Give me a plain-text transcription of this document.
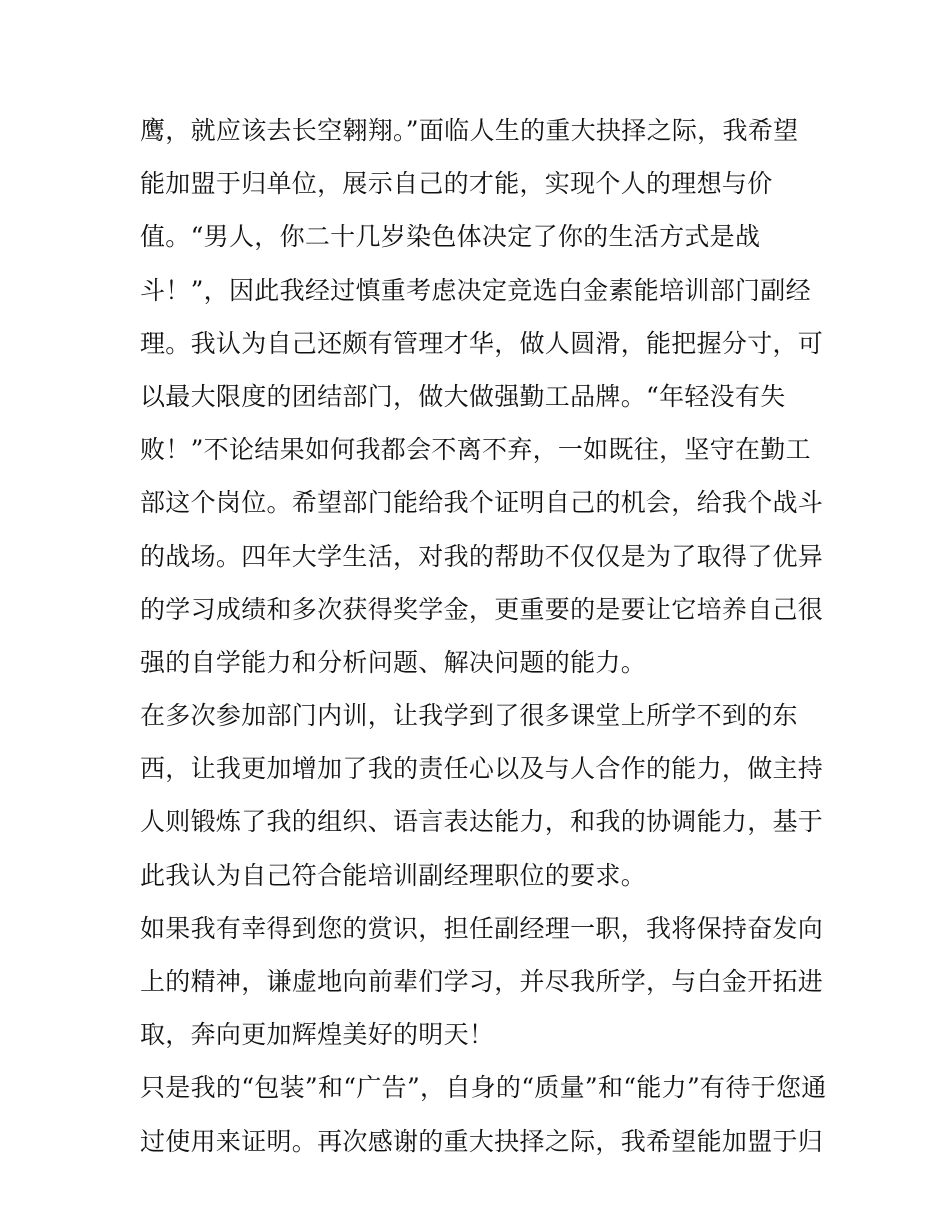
鹰，就应该去长空翱翔。”面临人生的重大抉择之际，我希望
能加盟于归单位，展示自己的才能，实现个人的理想与价
值。“男人，你二十几岁染色体决定了你的生活方式是战
斗！”，因此我经过慎重考虑决定竞选白金素能培训部门副经
理。我认为自己还颇有管理才华，做人圆滑，能把握分寸，可
以最大限度的团结部门，做大做强勤工品牌。“年轻没有失
败！”不论结果如何我都会不离不弃，一如既往，坚守在勤工
部这个岗位。希望部门能给我个证明自己的机会，给我个战斗
的战场。四年大学生活，对我的帮助不仅仅是为了取得了优异
的学习成绩和多次获得奖学金，更重要的是要让它培养自己很
强的自学能力和分析问题、解决问题的能力。
在多次参加部门内训，让我学到了很多课堂上所学不到的东
西，让我更加增加了我的责任心以及与人合作的能力，做主持
人则锻炼了我的组织、语言表达能力，和我的协调能力，基于
此我认为自己符合能培训副经理职位的要求。
如果我有幸得到您的赏识，担任副经理一职，我将保持奋发向
上的精神，谦虚地向前辈们学习，并尽我所学，与白金开拓进
取，奔向更加辉煌美好的明天！
只是我的“包装”和“广告”，自身的“质量”和“能力”有待于您通
过使用来证明。再次感谢的重大抉择之际，我希望能加盟于归
